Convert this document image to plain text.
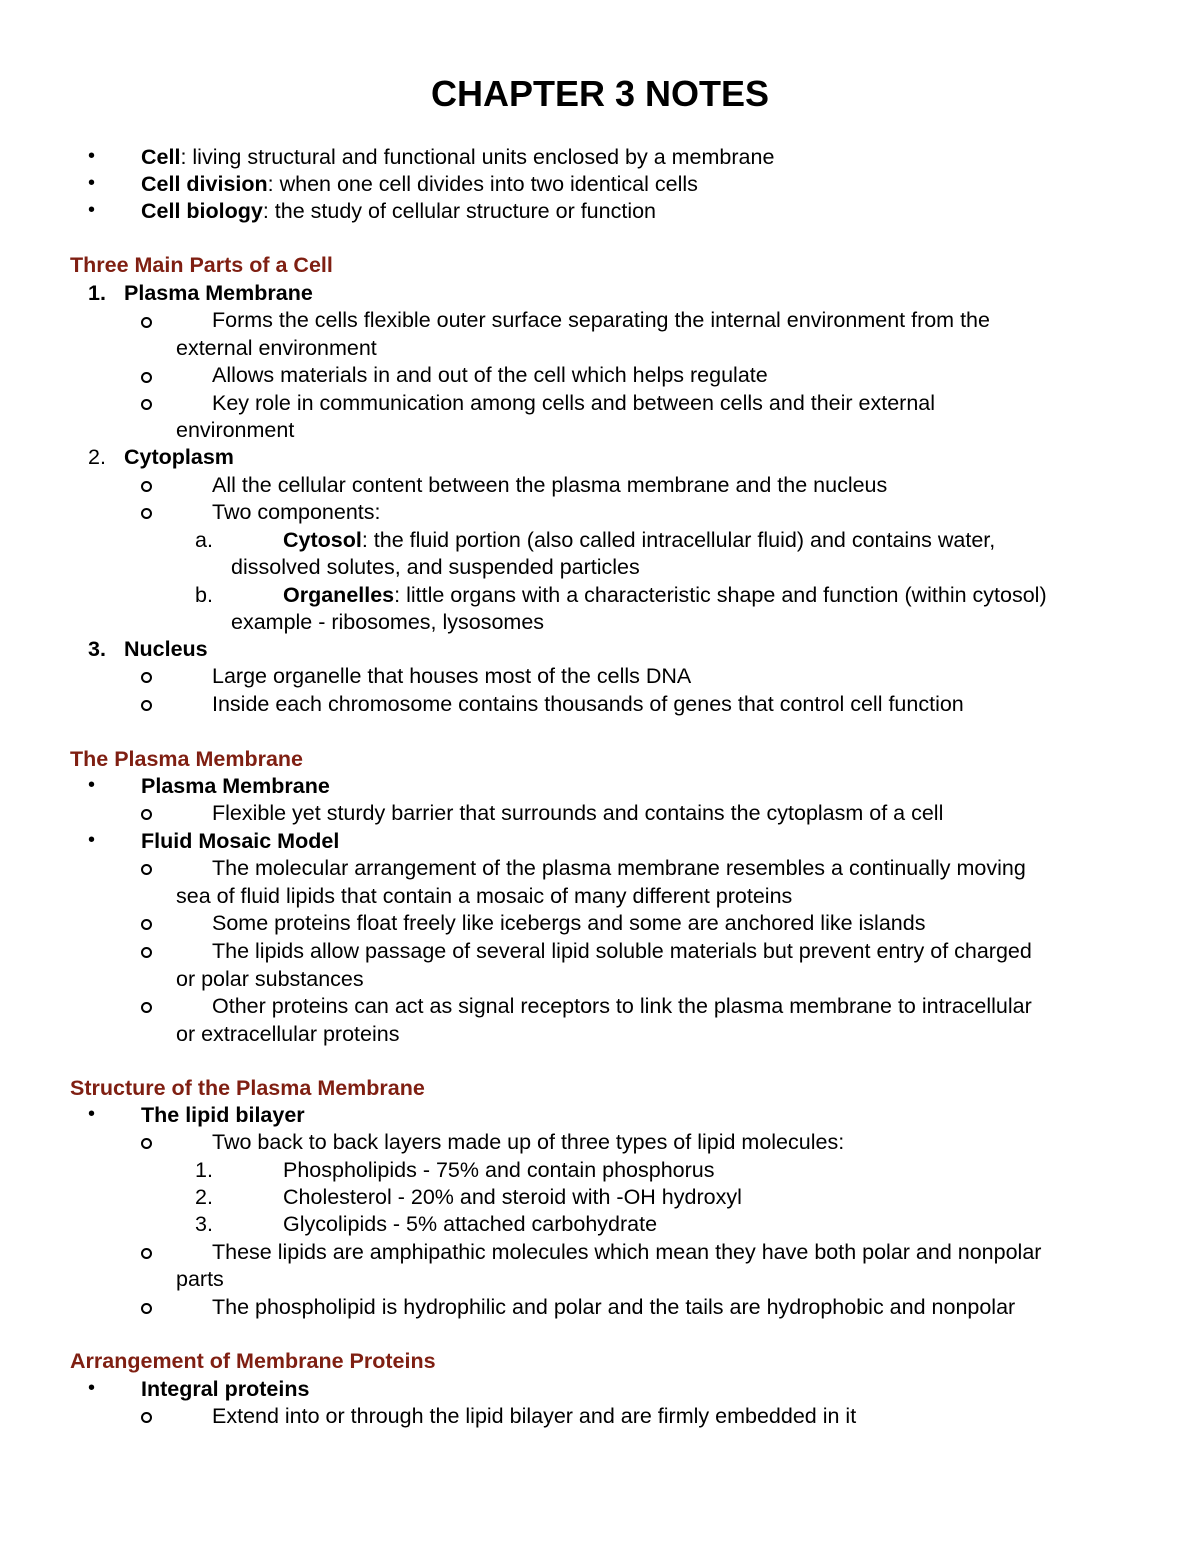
CHAPTER 3 NOTES
• Cell: living structural and functional units enclosed by a membrane
• Cell division: when one cell divides into two identical cells
• Cell biology: the study of cellular structure or function
Three Main Parts of a Cell
1. Plasma Membrane
Forms the cells flexible outer surface separating the internal environment from the
external environment
Allows materials in and out of the cell which helps regulate
Key role in communication among cells and between cells and their external
environment
2. Cytoplasm
All the cellular content between the plasma membrane and the nucleus
Two components:
a.	Cytosol: the fluid portion (also called intracellular fluid) and contains water,
dissolved solutes, and suspended particles
b.	Organelles: little organs with a characteristic shape and function (within cytosol)
example - ribosomes, lysosomes
3. Nucleus
Large organelle that houses most of the cells DNA
Inside each chromosome contains thousands of genes that control cell function
The Plasma Membrane
• Plasma Membrane
Flexible yet sturdy barrier that surrounds and contains the cytoplasm of a cell
• Fluid Mosaic Model
The molecular arrangement of the plasma membrane resembles a continually moving
sea of fluid lipids that contain a mosaic of many different proteins
Some proteins float freely like icebergs and some are anchored like islands
The lipids allow passage of several lipid soluble materials but prevent entry of charged
or polar substances
Other proteins can act as signal receptors to link the plasma membrane to intracellular
or extracellular proteins
Structure of the Plasma Membrane
• The lipid bilayer
Two back to back layers made up of three types of lipid molecules:
1.	Phospholipids - 75% and contain phosphorus
2.	Cholesterol - 20% and steroid with -OH hydroxyl
3.	Glycolipids - 5% attached carbohydrate
These lipids are amphipathic molecules which mean they have both polar and nonpolar
parts
The phospholipid is hydrophilic and polar and the tails are hydrophobic and nonpolar
Arrangement of Membrane Proteins
• Integral proteins
Extend into or through the lipid bilayer and are firmly embedded in it
